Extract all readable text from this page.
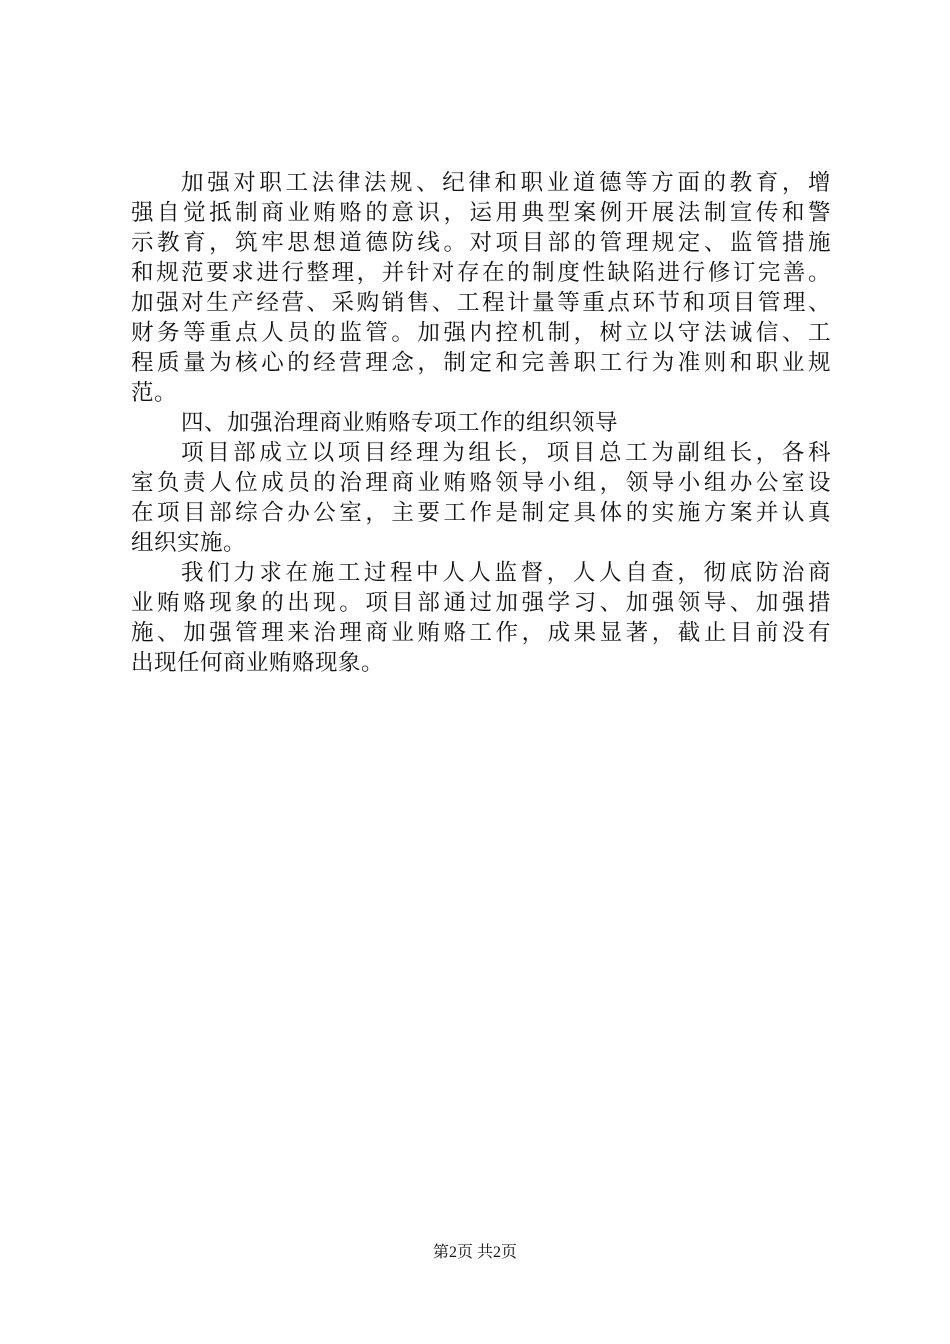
加强对职工法律法规、纪律和职业道德等方面的教育，增
强自觉抵制商业贿赂的意识，运用典型案例开展法制宣传和警
示教育，筑牢思想道德防线。对项目部的管理规定、监管措施
和规范要求进行整理，并针对存在的制度性缺陷进行修订完善。
加强对生产经营、采购销售、工程计量等重点环节和项目管理、
财务等重点人员的监管。加强内控机制，树立以守法诚信、工
程质量为核心的经营理念，制定和完善职工行为准则和职业规
范。
四、加强治理商业贿赂专项工作的组织领导
项目部成立以项目经理为组长，项目总工为副组长，各科
室负责人位成员的治理商业贿赂领导小组，领导小组办公室设
在项目部综合办公室，主要工作是制定具体的实施方案并认真
组织实施。
我们力求在施工过程中人人监督，人人自查，彻底防治商
业贿赂现象的出现。项目部通过加强学习、加强领导、加强措
施、加强管理来治理商业贿赂工作，成果显著，截止目前没有
出现任何商业贿赂现象。
第2页 共2页
